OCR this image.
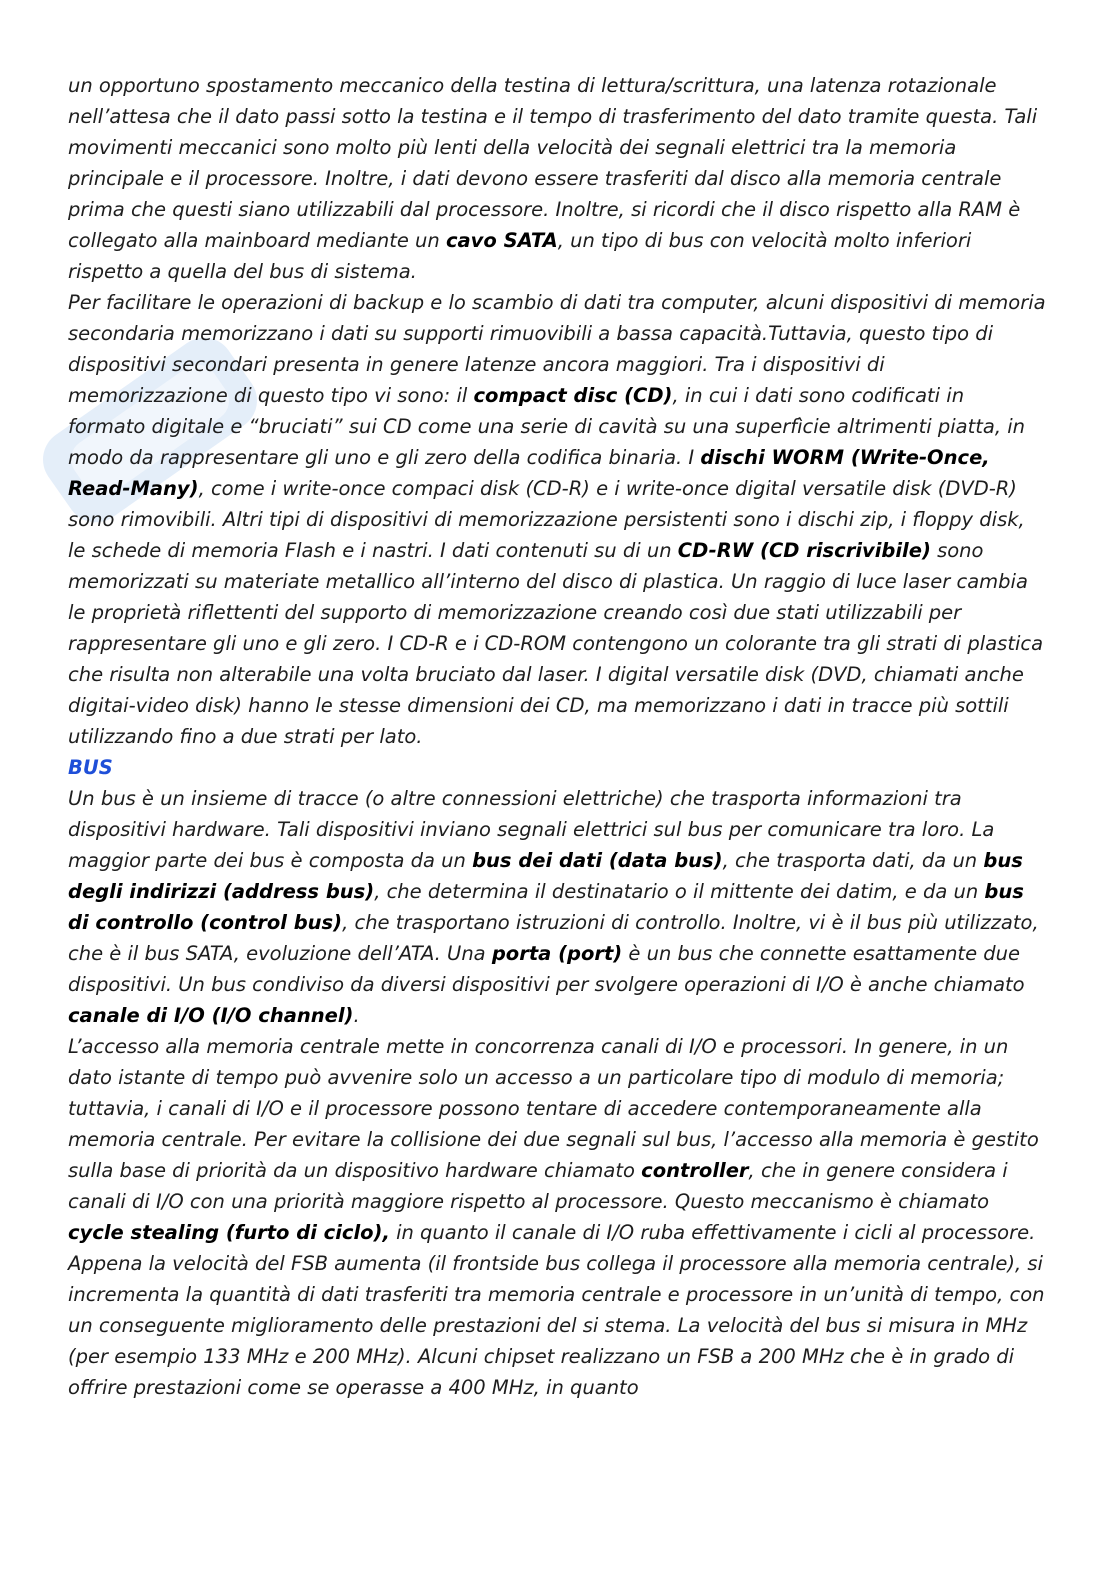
un opportuno spostamento meccanico della testina di lettura/scrittura, una latenza rotazionale nell’attesa che il dato passi sotto la testina e il tempo di trasferimento del dato tramite questa. Tali movimenti meccanici sono molto più lenti della velocità dei segnali elettrici tra la memoria principale e il processore. Inoltre, i dati devono essere trasferiti dal disco alla memoria centrale prima che questi siano utilizzabili dal processore. Inoltre, si ricordi che il disco rispetto alla RAM è collegato alla mainboard mediante un cavo SATA, un tipo di bus con velocità molto inferiori rispetto a quella del bus di sistema.

Per facilitare le operazioni di backup e lo scambio di dati tra computer, alcuni dispositivi di memoria secondaria memorizzano i dati su supporti rimuovibili a bassa capacità.Tuttavia, questo tipo di dispositivi secondari presenta in genere latenze ancora maggiori. Tra i dispositivi di memorizzazione di questo tipo vi sono: il compact disc (CD), in cui i dati sono codificati in formato digitale e “bruciati” sui CD come una serie di cavità su una superfìcie altrimenti piatta, in modo da rappresentare gli uno e gli zero della codifica binaria. I dischi WORM (Write-Once, Read-Many), come i write-once compaci disk (CD-R) e i write-once digital versatile disk (DVD-R) sono rimovibili. Altri tipi di dispositivi di memorizzazione persistenti sono i dischi zip, i floppy disk, le schede di memoria Flash e i nastri. I dati contenuti su di un CD-RW (CD riscrivibile) sono memorizzati su materiate metallico all’interno del disco di plastica. Un raggio di luce laser cambia le proprietà riflettenti del supporto di memorizzazione creando così due stati utilizzabili per rappresentare gli uno e gli zero. I CD-R e i CD-ROM contengono un colorante tra gli strati di plastica che risulta non alterabile una volta bruciato dal laser. I digital versatile disk (DVD, chiamati anche digitai-video disk) hanno le stesse dimensioni dei CD, ma memorizzano i dati in tracce più sottili utilizzando fino a due strati per lato.

BUS

Un bus è un insieme di tracce (o altre connessioni elettriche) che trasporta informazioni tra dispositivi hardware. Tali dispositivi inviano segnali elettrici sul bus per comunicare tra loro. La maggior parte dei bus è composta da un bus dei dati (data bus), che trasporta dati, da un bus degli indirizzi (address bus), che determina il destinatario o il mittente dei datim, e da un bus di controllo (control bus), che trasportano istruzioni di controllo. Inoltre, vi è il bus più utilizzato, che è il bus SATA, evoluzione dell’ATA. Una porta (port) è un bus che connette esattamente due dispositivi. Un bus condiviso da diversi dispositivi per svolgere operazioni di I/O è anche chiamato canale di I/O (I/O channel).

L’accesso alla memoria centrale mette in concorrenza canali di I/O e processori. In genere, in un dato istante di tempo può avvenire solo un accesso a un particolare tipo di modulo di memoria; tuttavia, i canali di I/O e il processore possono tentare di accedere contemporaneamente alla memoria centrale. Per evitare la collisione dei due segnali sul bus, l’accesso alla memoria è gestito sulla base di priorità da un dispositivo hardware chiamato controller, che in genere considera i canali di I/O con una priorità maggiore rispetto al processore. Questo meccanismo è chiamato cycle stealing (furto di ciclo), in quanto il canale di I/O ruba effettivamente i cicli al processore.

Appena la velocità del FSB aumenta (il frontside bus collega il processore alla memoria centrale), si incrementa la quantità di dati trasferiti tra memoria centrale e processore in un’unità di tempo, con un conseguente miglioramento delle prestazioni del si stema. La velocità del bus si misura in MHz (per esempio 133 MHz e 200 MHz). Alcuni chipset realizzano un FSB a 200 MHz che è in grado di offrire prestazioni come se operasse a 400 MHz, in quanto
